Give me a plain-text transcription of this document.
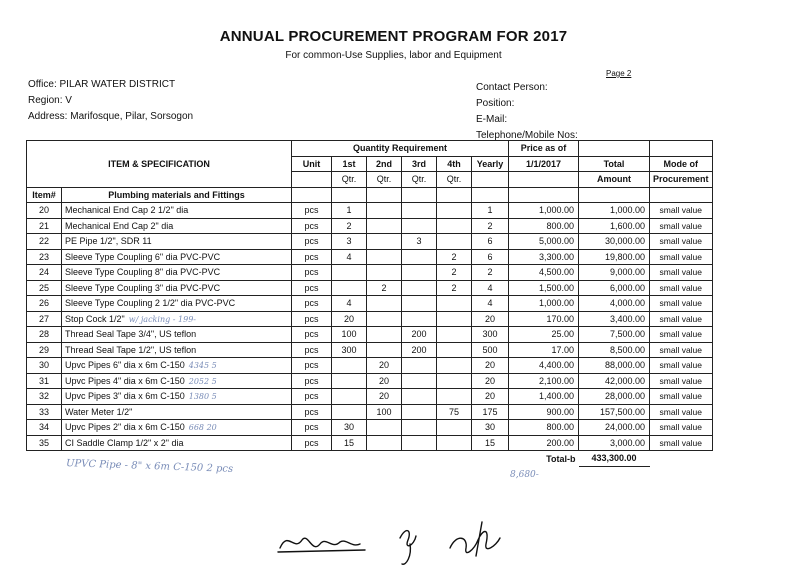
ANNUAL PROCUREMENT PROGRAM FOR 2017
For common-Use Supplies, labor and Equipment
Page 2
Office: PILAR WATER DISTRICT
Region: V
Address: Marifosque, Pilar, Sorsogon
Contact Person:
Position:
E-Mail:
Telephone/Mobile Nos:
ITEM & SPECIFICATION		Quantity Requirement						Price as of		
		Unit	1st	2nd	3rd	4th	Yearly	1/1/2017	Total	Mode of
			Qtr.	Qtr.	Qtr.	Qtr.			Amount	Procurement
Item#	Plumbing materials and Fittings									
20	Mechanical End Cap 2 1/2" dia	pcs	1				1	1,000.00	1,000.00	small value
21	Mechanical End Cap 2" dia	pcs	2				2	800.00	1,600.00	small value
22	PE Pipe 1/2", SDR 11	pcs	3		3		6	5,000.00	30,000.00	small value
23	Sleeve Type Coupling 6" dia PVC-PVC	pcs	4			2	6	3,300.00	19,800.00	small value
24	Sleeve Type Coupling 8" dia PVC-PVC	pcs				2	2	4,500.00	9,000.00	small value
25	Sleeve Type Coupling 3" dia PVC-PVC	pcs		2		2	4	1,500.00	6,000.00	small value
26	Sleeve Type Coupling 2 1/2" dia PVC-PVC	pcs	4				4	1,000.00	4,000.00	small value
27	Stop Cock 1/2" w/ jacking - 199-	pcs	20				20	170.00	3,400.00	small value
28	Thread Seal Tape 3/4", US teflon	pcs	100		200		300	25.00	7,500.00	small value
29	Thread Seal Tape 1/2", US teflon	pcs	300		200		500	17.00	8,500.00	small value
30	Upvc Pipes 6" dia x 6m C-150 4345 5	pcs		20			20	4,400.00	88,000.00	small value
31	Upvc Pipes 4" dia x 6m C-150 2052 5	pcs		20			20	2,100.00	42,000.00	small value
32	Upvc Pipes 3" dia x 6m C-150 1380 5	pcs		20			20	1,400.00	28,000.00	small value
33	Water Meter 1/2"	pcs		100		75	175	900.00	157,500.00	small value
34	Upvc Pipes 2" dia x 6m C-150 668 20	pcs	30				30	800.00	24,000.00	small value
35	CI Saddle Clamp 1/2" x 2" dia	pcs	15				15	200.00	3,000.00	small value
								Total-b	433,300.00	
UPVC Pipe - 8" x 6m C-150 2 pcs
8,680-
